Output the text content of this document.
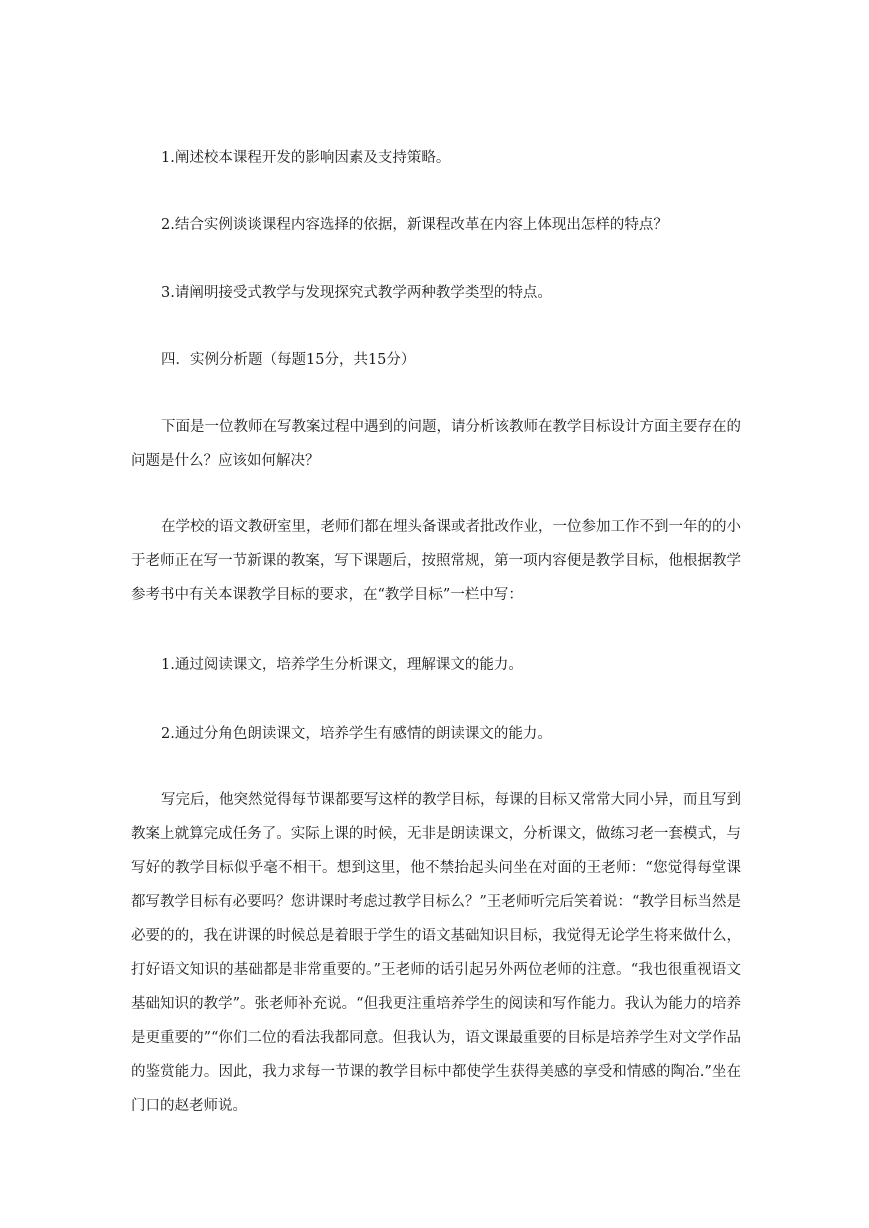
1.阐述校本课程开发的影响因素及支持策略。

2.结合实例谈谈课程内容选择的依据，新课程改革在内容上体现出怎样的特点？

3.请阐明接受式教学与发现探究式教学两种教学类型的特点。

四．实例分析题（每题15分，共15分）

下面是一位教师在写教案过程中遇到的问题，请分析该教师在教学目标设计方面主要存在的问题是什么？应该如何解决？

在学校的语文教研室里，老师们都在埋头备课或者批改作业，一位参加工作不到一年的的小于老师正在写一节新课的教案，写下课题后，按照常规，第一项内容便是教学目标，他根据教学参考书中有关本课教学目标的要求，在“教学目标”一栏中写：

1.通过阅读课文，培养学生分析课文，理解课文的能力。

2.通过分角色朗读课文，培养学生有感情的朗读课文的能力。

写完后，他突然觉得每节课都要写这样的教学目标，每课的目标又常常大同小异，而且写到教案上就算完成任务了。实际上课的时候，无非是朗读课文，分析课文，做练习老一套模式，与写好的教学目标似乎毫不相干。想到这里，他不禁抬起头问坐在对面的王老师：“您觉得每堂课都写教学目标有必要吗？您讲课时考虑过教学目标么？”王老师听完后笑着说：“教学目标当然是必要的的，我在讲课的时候总是着眼于学生的语文基础知识目标，我觉得无论学生将来做什么，打好语文知识的基础都是非常重要的。”王老师的话引起另外两位老师的注意。“我也很重视语文基础知识的教学”。张老师补充说。“但我更注重培养学生的阅读和写作能力。我认为能力的培养是更重要的”“你们二位的看法我都同意。但我认为，语文课最重要的目标是培养学生对文学作品的鉴赏能力。因此，我力求每一节课的教学目标中都使学生获得美感的享受和情感的陶冶.”坐在门口的赵老师说。
